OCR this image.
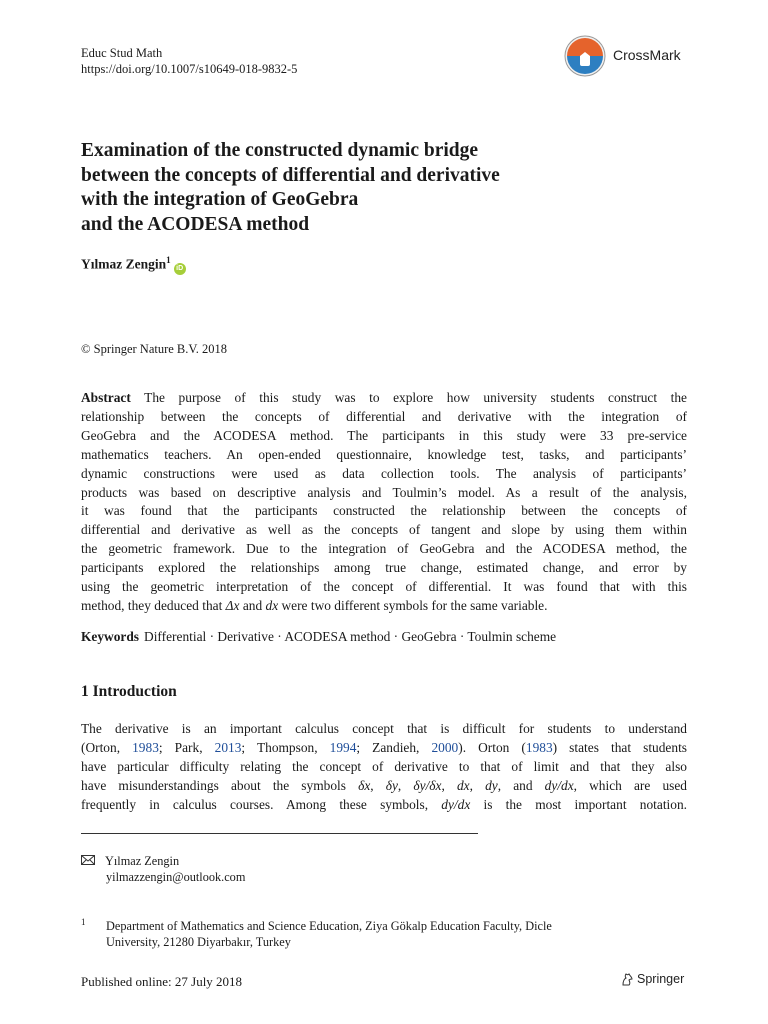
Educ Stud Math
https://doi.org/10.1007/s10649-018-9832-5
CrossMark
Examination of the constructed dynamic bridge
between the concepts of differential and derivative
with the integration of GeoGebra
and the ACODESA method
Yılmaz Zengin$^1$iD
© Springer Nature B.V. 2018
Abstract The purpose of this study was to explore how university students construct the
relationship between the concepts of differential and derivative with the integration of
GeoGebra and the ACODESA method. The participants in this study were 33 pre-service
mathematics teachers. An open-ended questionnaire, knowledge test, tasks, and participants’
dynamic constructions were used as data collection tools. The analysis of participants’
products was based on descriptive analysis and Toulmin’s model. As a result of the analysis,
it was found that the participants constructed the relationship between the concepts of
differential and derivative as well as the concepts of tangent and slope by using them within
the geometric framework. Due to the integration of GeoGebra and the ACODESA method, the
participants explored the relationships among true change, estimated change, and error by
using the geometric interpretation of the concept of differential. It was found that with this
method, they deduced that Δx and dx were two different symbols for the same variable.
Keywords Differential · Derivative · ACODESA method · GeoGebra · Toulmin scheme
1 Introduction
The derivative is an important calculus concept that is difficult for students to understand
(Orton, 1983; Park, 2013; Thompson, 1994; Zandieh, 2000). Orton (1983) states that students
have particular difficulty relating the concept of derivative to that of limit and that they also
have misunderstandings about the symbols δx, δy, δy/δx, dx, dy, and dy/dx, which are used
frequently in calculus courses. Among these symbols, dy/dx is the most important notation.
Yılmaz Zengin
yilmazzengin@outlook.com
1 Department of Mathematics and Science Education, Ziya Gökalp Education Faculty, Dicle
University, 21280 Diyarbakır, Turkey
Published online: 27 July 2018	Springer
